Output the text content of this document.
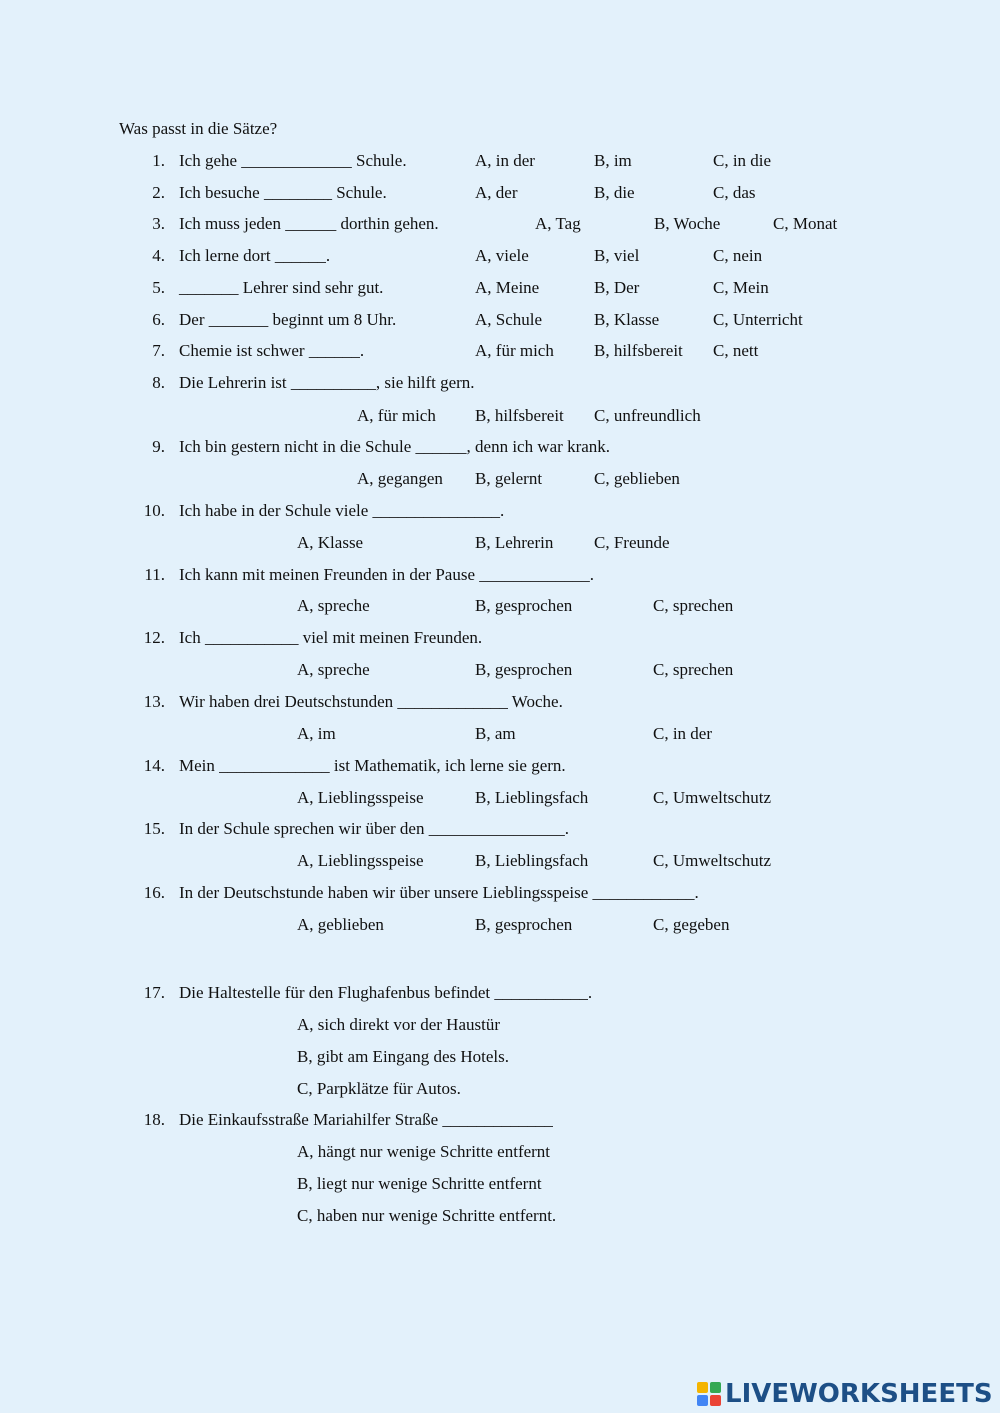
Was passt in die Sätze?
1. Ich gehe _____________ Schule.	A, in der	B, im	C, in die
2. Ich besuche ________ Schule.	A, der	B, die	C, das
3. Ich muss jeden ______ dorthin gehen.	A, Tag	B, Woche	C, Monat
4. Ich lerne dort ______.	A, viele	B, viel	C, nein
5. _______ Lehrer sind sehr gut.	A, Meine	B, Der	C, Mein
6. Der _______ beginnt um 8 Uhr.	A, Schule	B, Klasse	C, Unterricht
7. Chemie ist schwer ______.	A, für mich B, hilfsbereit C, nett
8. Die Lehrerin ist __________, sie hilft gern.
A, für mich B, hilfsbereit C, unfreundlich
9. Ich bin gestern nicht in die Schule ______, denn ich war krank.
A, gegangen B, gelernt	C, geblieben
10. Ich habe in der Schule viele _______________.
A, Klasse	B, Lehrerin C, Freunde
11. Ich kann mit meinen Freunden in der Pause _____________.
A, spreche	B, gesprochen	C, sprechen
12. Ich ___________ viel mit meinen Freunden.
A, spreche	B, gesprochen	C, sprechen
13. Wir haben drei Deutschstunden _____________ Woche.
A, im	B, am	C, in der
14. Mein _____________ ist Mathematik, ich lerne sie gern.
A, Lieblingsspeise	B, Lieblingsfach	C, Umweltschutz
15. In der Schule sprechen wir über den ________________.
A, Lieblingsspeise	B, Lieblingsfach	C, Umweltschutz
16. In der Deutschstunde haben wir über unsere Lieblingsspeise ____________.
A, geblieben	B, gesprochen	C, gegeben
17. Die Haltestelle für den Flughafenbus befindet ___________.
A, sich direkt vor der Haustür
B, gibt am Eingang des Hotels.
C, Parpklätze für Autos.
18. Die Einkaufsstraße Mariahilfer Straße _____________
A, hängt nur wenige Schritte entfernt
B, liegt nur wenige Schritte entfernt
C, haben nur wenige Schritte entfernt.
LIVEWORKSHEETS
